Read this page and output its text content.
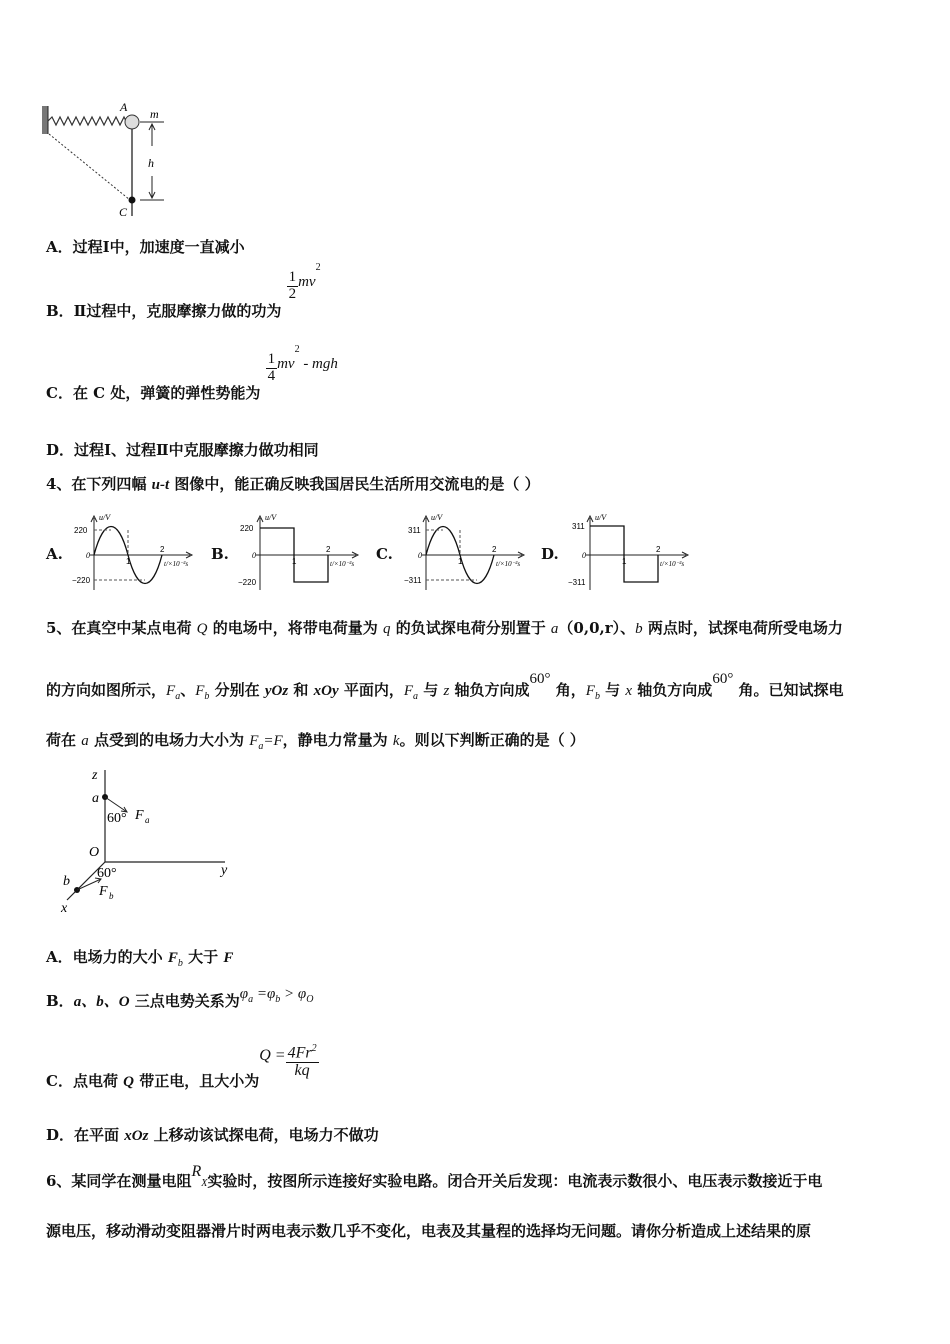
A
C
m
h
A．过程Ⅰ中，加速度一直减小
B．Ⅱ过程中，克服摩擦力做的功为
$\frac{1}{2} mv^2$
C．在 C 处，弹簧的弹性势能为
$\frac{1}{4} mv^2$ - mgh
D．过程Ⅰ、过程Ⅱ中克服摩擦力做功相同
4、在下列四幅 u-t 图像中，能正确反映我国居民生活所用交流电的是（ ）
A.
220
−220
u/V
t/×10⁻²s
1
2
0	B.
220
−220
u/V
t/×10⁻²s
1
2
0	C.
311
−311
u/V
t/×10⁻²s
1
2
0	D.
311
−311
u/V
t/×10⁻²s
1
2
0
5、在真空中某点电荷 Q 的电场中，将带电荷量为 q 的负试探电荷分别置于 a（0,0,r）、b 两点时，试探电荷所受电场力
的方向如图所示，$F_a$、$F_b$ 分别在 yOz 和 xOy 平面内，$F_a$ 与 z 轴负方向成60° 角，$F_b$ 与 x 轴负方向成60° 角。已知试探电
荷在 a 点受到的电场力大小为 $F_a=F$，静电力常量为 k。则以下判断正确的是（ ）
z
a
60° F a
O
y
b
60°
F b
x
A．电场力的大小 $F_b$ 大于 F
B．a、b、O 三点电势关系为$\varphi_a =\varphi_b > \varphi_O$
C．点电荷 Q 带正电，且大小为$Q = \frac{4Fr^2}{kq}$
D．在平面 xOz 上移动该试探电荷，电场力不做功
6、某同学在测量电阻$R_X$实验时，按图所示连接好实验电路。闭合开关后发现：电流表示数很小、电压表示数接近于电
源电压，移动滑动变阻器滑片时两电表示数几乎不变化，电表及其量程的选择均无问题。请你分析造成上述结果的原
